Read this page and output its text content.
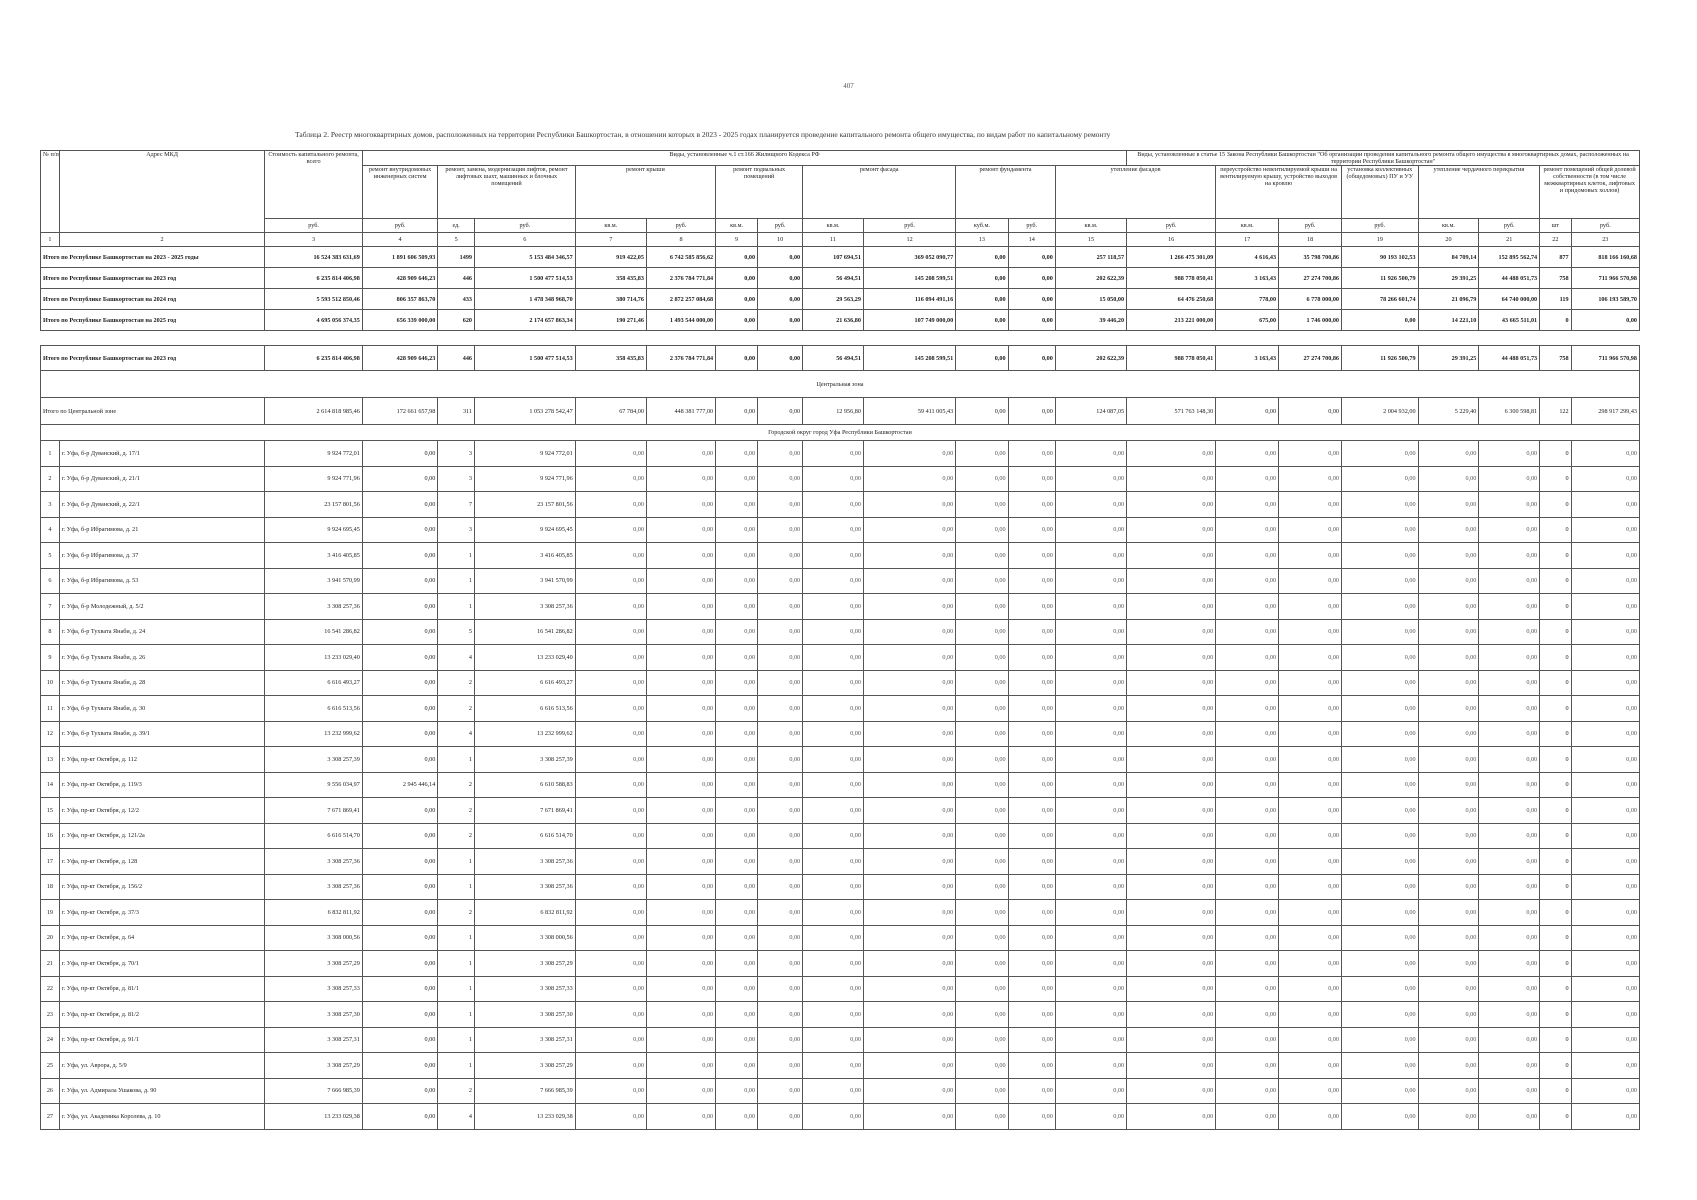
407
Таблица 2. Реестр многоквартирных домов, расположенных на территории Республики Башкортостан, в отношении которых в 2023 - 2025 годах планируется проведение капитального ремонта общего имущества, по видам работ по капитальному ремонту
№ п/п	Адрес МКД	Стоимость капитального ремонта, всего	Виды, установленные ч.1 ст.166 Жилищного Кодекса РФ												Виды, установленные в статье 15 Закона Республики Башкортостан "Об организации проведения капитального ремонта общего имущества в многоквартирных домах, расположенных на территории Республики Башкортостан"							
			ремонт внутридомовых инженерных систем	ремонт, замена, модернизация лифтов, ремонт лифтовых шахт, машинных и блочных помещений		ремонт крыши		ремонт подвальных помещений		ремонт фасада		ремонт фундамента		утепление фасадов		переустройство невентилируемой крыши на вентилируемую крышу, устройство выходов на кровлю		установка коллективных (общедомовых) ПУ и УУ	утепление чердачного перекрытия		ремонт помещений общей долевой собственности (в том числе межквартирных клеток, лифтовых и придомовых холлов)	
		руб.	руб.	ед.	руб.	кв.м.	руб.	кв.м.	руб.	кв.м.	руб.	куб.м.	руб.	кв.м.	руб.	кв.м.	руб.	руб.	кв.м.	руб.	шт	руб.
1	2	3	4	5	6	7	8	9	10	11	12	13	14	15	16	17	18	19	20	21	22	23
Итого по Республике Башкортостан на 2023 - 2025 годы		16 524 383 631,69	1 891 606 509,93	1499	5 153 484 346,57	919 422,05	6 742 585 856,62	0,00	0,00	107 694,51	369 052 090,77	0,00	0,00	257 118,57	1 266 475 301,09	4 616,43	35 798 700,86	90 193 102,53	84 709,14	152 895 562,74	877	818 166 160,68
Итого по Республике Башкортостан на 2023 год		6 235 814 406,98	428 909 646,23	446	1 500 477 514,53	358 435,83	2 376 784 771,84	0,00	0,00	56 494,51	145 208 599,51	0,00	0,00	202 622,39	988 778 050,41	3 163,43	27 274 700,86	11 926 500,79	29 391,25	44 488 051,73	758	711 966 570,98
Итого по Республике Башкортостан на 2024 год		5 593 512 850,46	806 357 863,70	433	1 478 348 968,70	380 714,76	2 872 257 084,68	0,00	0,00	29 563,29	116 094 491,16	0,00	0,00	15 050,00	64 476 250,68	778,00	6 778 000,00	78 266 601,74	21 096,79	64 740 000,00	119	106 193 589,70
Итого по Республике Башкортостан на 2025 год		4 695 056 374,35	656 339 000,00	620	2 174 657 863,34	190 271,46	1 493 544 000,00	0,00	0,00	21 636,80	107 749 000,00	0,00	0,00	39 446,20	213 221 000,00	675,00	1 746 000,00	0,00	14 221,10	43 665 511,01	0	0,00

Итого по Республике Башкортостан на 2023 год		6 235 814 406,98	428 909 646,23	446	1 500 477 514,53	358 435,83	2 376 784 771,84	0,00	0,00	56 494,51	145 208 599,51	0,00	0,00	202 622,39	988 778 050,41	3 163,43	27 274 700,86	11 926 500,79	29 391,25	44 488 051,73	758	711 966 570,98
Центральная зона																						
Итого по Центральной зоне		2 614 818 985,46	172 661 657,98	311	1 053 278 542,47	67 784,00	448 381 777,00	0,00	0,00	12 956,80	59 411 005,43	0,00	0,00	124 087,05	571 763 148,30	0,00	0,00	2 004 932,00	5 229,40	6 300 598,81	122	298 917 299,43
Городской округ город Уфа Республики Башкортостан																						
1	г. Уфа, б-р Дуванский, д. 17/1	9 924 772,01	0,00	3	9 924 772,01	0,00	0,00	0,00	0,00	0,00	0,00	0,00	0,00	0,00	0,00	0,00	0,00	0,00	0,00	0,00	0	0,00
2	г. Уфа, б-р Дуванский, д. 21/1	9 924 771,96	0,00	3	9 924 771,96	0,00	0,00	0,00	0,00	0,00	0,00	0,00	0,00	0,00	0,00	0,00	0,00	0,00	0,00	0,00	0	0,00
3	г. Уфа, б-р Дуванский, д. 22/1	23 157 801,56	0,00	7	23 157 801,56	0,00	0,00	0,00	0,00	0,00	0,00	0,00	0,00	0,00	0,00	0,00	0,00	0,00	0,00	0,00	0	0,00
4	г. Уфа, б-р Ибрагимова, д. 21	9 924 695,45	0,00	3	9 924 695,45	0,00	0,00	0,00	0,00	0,00	0,00	0,00	0,00	0,00	0,00	0,00	0,00	0,00	0,00	0,00	0	0,00
5	г. Уфа, б-р Ибрагимова, д. 37	3 416 405,85	0,00	1	3 416 405,85	0,00	0,00	0,00	0,00	0,00	0,00	0,00	0,00	0,00	0,00	0,00	0,00	0,00	0,00	0,00	0	0,00
6	г. Уфа, б-р Ибрагимова, д. 53	3 941 570,99	0,00	1	3 941 570,99	0,00	0,00	0,00	0,00	0,00	0,00	0,00	0,00	0,00	0,00	0,00	0,00	0,00	0,00	0,00	0	0,00
7	г. Уфа, б-р Молодежный, д. 5/2	3 308 257,36	0,00	1	3 308 257,36	0,00	0,00	0,00	0,00	0,00	0,00	0,00	0,00	0,00	0,00	0,00	0,00	0,00	0,00	0,00	0	0,00
8	г. Уфа, б-р Тухвата Янаби, д. 24	16 541 286,82	0,00	5	16 541 286,82	0,00	0,00	0,00	0,00	0,00	0,00	0,00	0,00	0,00	0,00	0,00	0,00	0,00	0,00	0,00	0	0,00
9	г. Уфа, б-р Тухвата Янаби, д. 26	13 233 029,40	0,00	4	13 233 029,40	0,00	0,00	0,00	0,00	0,00	0,00	0,00	0,00	0,00	0,00	0,00	0,00	0,00	0,00	0,00	0	0,00
10	г. Уфа, б-р Тухвата Янаби, д. 28	6 616 493,27	0,00	2	6 616 493,27	0,00	0,00	0,00	0,00	0,00	0,00	0,00	0,00	0,00	0,00	0,00	0,00	0,00	0,00	0,00	0	0,00
11	г. Уфа, б-р Тухвата Янаби, д. 30	6 616 513,56	0,00	2	6 616 513,56	0,00	0,00	0,00	0,00	0,00	0,00	0,00	0,00	0,00	0,00	0,00	0,00	0,00	0,00	0,00	0	0,00
12	г. Уфа, б-р Тухвата Янаби, д. 39/1	13 232 999,62	0,00	4	13 232 999,62	0,00	0,00	0,00	0,00	0,00	0,00	0,00	0,00	0,00	0,00	0,00	0,00	0,00	0,00	0,00	0	0,00
13	г. Уфа, пр-кт Октября, д. 112	3 308 257,39	0,00	1	3 308 257,39	0,00	0,00	0,00	0,00	0,00	0,00	0,00	0,00	0,00	0,00	0,00	0,00	0,00	0,00	0,00	0	0,00
14	г. Уфа, пр-кт Октября, д. 119/3	9 556 034,97	2 945 446,14	2	6 610 588,83	0,00	0,00	0,00	0,00	0,00	0,00	0,00	0,00	0,00	0,00	0,00	0,00	0,00	0,00	0,00	0	0,00
15	г. Уфа, пр-кт Октября, д. 12/2	7 671 869,41	0,00	2	7 671 869,41	0,00	0,00	0,00	0,00	0,00	0,00	0,00	0,00	0,00	0,00	0,00	0,00	0,00	0,00	0,00	0	0,00
16	г. Уфа, пр-кт Октября, д. 121/2а	6 616 514,70	0,00	2	6 616 514,70	0,00	0,00	0,00	0,00	0,00	0,00	0,00	0,00	0,00	0,00	0,00	0,00	0,00	0,00	0,00	0	0,00
17	г. Уфа, пр-кт Октября, д. 128	3 308 257,36	0,00	1	3 308 257,36	0,00	0,00	0,00	0,00	0,00	0,00	0,00	0,00	0,00	0,00	0,00	0,00	0,00	0,00	0,00	0	0,00
18	г. Уфа, пр-кт Октября, д. 156/2	3 308 257,36	0,00	1	3 308 257,36	0,00	0,00	0,00	0,00	0,00	0,00	0,00	0,00	0,00	0,00	0,00	0,00	0,00	0,00	0,00	0	0,00
19	г. Уфа, пр-кт Октября, д. 37/3	6 832 811,92	0,00	2	6 832 811,92	0,00	0,00	0,00	0,00	0,00	0,00	0,00	0,00	0,00	0,00	0,00	0,00	0,00	0,00	0,00	0	0,00
20	г. Уфа, пр-кт Октября, д. 64	3 308 000,56	0,00	1	3 308 000,56	0,00	0,00	0,00	0,00	0,00	0,00	0,00	0,00	0,00	0,00	0,00	0,00	0,00	0,00	0,00	0	0,00
21	г. Уфа, пр-кт Октября, д. 70/1	3 308 257,29	0,00	1	3 308 257,29	0,00	0,00	0,00	0,00	0,00	0,00	0,00	0,00	0,00	0,00	0,00	0,00	0,00	0,00	0,00	0	0,00
22	г. Уфа, пр-кт Октября, д. 81/1	3 308 257,33	0,00	1	3 308 257,33	0,00	0,00	0,00	0,00	0,00	0,00	0,00	0,00	0,00	0,00	0,00	0,00	0,00	0,00	0,00	0	0,00
23	г. Уфа, пр-кт Октября, д. 81/2	3 308 257,30	0,00	1	3 308 257,30	0,00	0,00	0,00	0,00	0,00	0,00	0,00	0,00	0,00	0,00	0,00	0,00	0,00	0,00	0,00	0	0,00
24	г. Уфа, пр-кт Октября, д. 91/1	3 308 257,31	0,00	1	3 308 257,31	0,00	0,00	0,00	0,00	0,00	0,00	0,00	0,00	0,00	0,00	0,00	0,00	0,00	0,00	0,00	0	0,00
25	г. Уфа, ул. Аврора, д. 5/9	3 308 257,29	0,00	1	3 308 257,29	0,00	0,00	0,00	0,00	0,00	0,00	0,00	0,00	0,00	0,00	0,00	0,00	0,00	0,00	0,00	0	0,00
26	г. Уфа, ул. Адмирала Ушакова, д. 90	7 666 985,39	0,00	2	7 666 985,39	0,00	0,00	0,00	0,00	0,00	0,00	0,00	0,00	0,00	0,00	0,00	0,00	0,00	0,00	0,00	0	0,00
27	г. Уфа, ул. Академика Королева, д. 10	13 233 029,38	0,00	4	13 233 029,38	0,00	0,00	0,00	0,00	0,00	0,00	0,00	0,00	0,00	0,00	0,00	0,00	0,00	0,00	0,00	0	0,00
